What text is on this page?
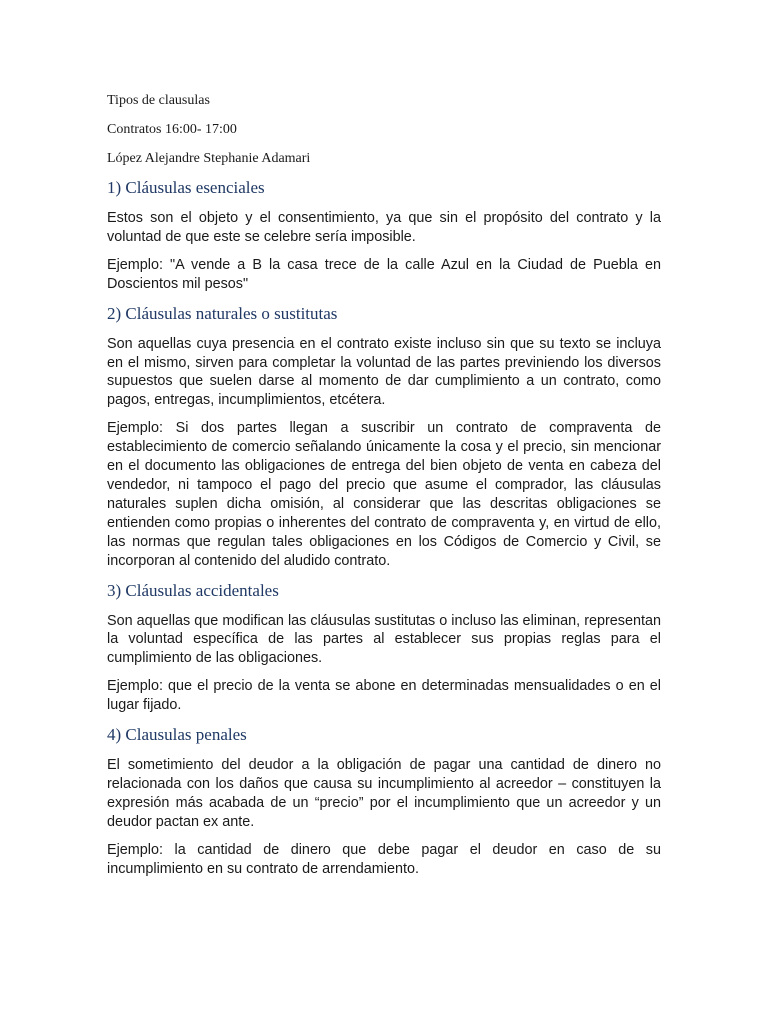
Tipos de clausulas
Contratos 16:00- 17:00
López Alejandre Stephanie Adamari
1) Cláusulas esenciales

Estos son el objeto y el consentimiento, ya que sin el propósito del contrato y la voluntad de que este se celebre sería imposible.

Ejemplo: "A vende a B la casa trece de la calle Azul en la Ciudad de Puebla en Doscientos mil pesos"

2) Cláusulas naturales o sustitutas

Son aquellas cuya presencia en el contrato existe incluso sin que su texto se incluya en el mismo, sirven para completar la voluntad de las partes previniendo los diversos supuestos que suelen darse al momento de dar cumplimiento a un contrato, como pagos, entregas, incumplimientos, etcétera.

Ejemplo: Si dos partes llegan a suscribir un contrato de compraventa de establecimiento de comercio señalando únicamente la cosa y el precio, sin mencionar en el documento las obligaciones de entrega del bien objeto de venta en cabeza del vendedor, ni tampoco el pago del precio que asume el comprador, las cláusulas naturales suplen dicha omisión, al considerar que las descritas obligaciones se entienden como propias o inherentes del contrato de compraventa y, en virtud de ello, las normas que regulan tales obligaciones en los Códigos de Comercio y Civil, se incorporan al contenido del aludido contrato.

3) Cláusulas accidentales

Son aquellas que modifican las cláusulas sustitutas o incluso las eliminan, representan la voluntad específica de las partes al establecer sus propias reglas para el cumplimiento de las obligaciones.

Ejemplo: que el precio de la venta se abone en determinadas mensualidades o en el lugar fijado.

4) Clausulas penales

El sometimiento del deudor a la obligación de pagar una cantidad de dinero no relacionada con los daños que causa su incumplimiento al acreedor – constituyen la expresión más acabada de un “precio” por el incumplimiento que un acreedor y un deudor pactan ex ante.

Ejemplo: la cantidad de dinero que debe pagar el deudor en caso de su incumplimiento en su contrato de arrendamiento.
